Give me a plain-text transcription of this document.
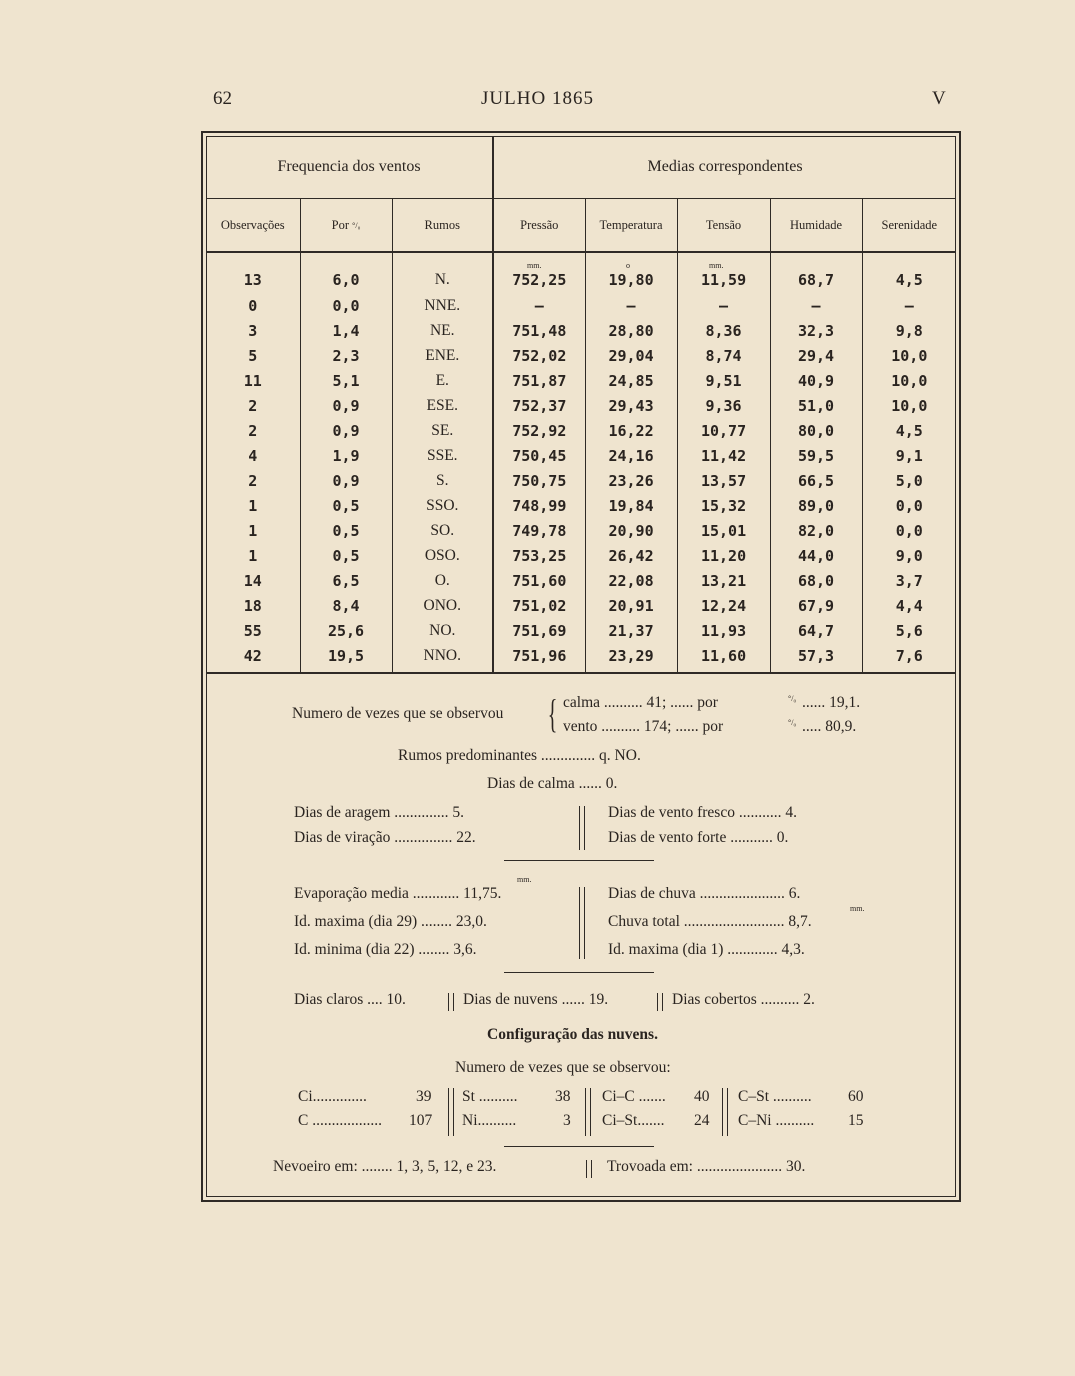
62	JULHO 1865	V
Frequencia dos ventos			Medias correspondentes				
Observações	Por °/₀	Rumos	Pressão	Temperatura	Tensão	Humidade	Serenidade
13	6,0	N.	752,25	19,80	11,59	68,7	4,5
0	0,0	NNE.	—	—	—	—	—
3	1,4	NE.	751,48	28,80	8,36	32,3	9,8
5	2,3	ENE.	752,02	29,04	8,74	29,4	10,0
11	5,1	E.	751,87	24,85	9,51	40,9	10,0
2	0,9	ESE.	752,37	29,43	9,36	51,0	10,0
2	0,9	SE.	752,92	16,22	10,77	80,0	4,5
4	1,9	SSE.	750,45	24,16	11,42	59,5	9,1
2	0,9	S.	750,75	23,26	13,57	66,5	5,0
1	0,5	SSO.	748,99	19,84	15,32	89,0	0,0
1	0,5	SO.	749,78	20,90	15,01	82,0	0,0
1	0,5	OSO.	753,25	26,42	11,20	44,0	9,0
14	6,5	O.	751,60	22,08	13,21	68,0	3,7
18	8,4	ONO.	751,02	20,91	12,24	67,9	4,4
55	25,6	NO.	751,69	21,37	11,93	64,7	5,6
42	19,5	NNO.	751,96	23,29	11,60	57,3	7,6
mm.	o	mm.
Numero de vezes que se observou { calma .......... 41; ...... por	°/₀ ...... 19,1.
vento .......... 174; ...... por	°/₀ ..... 80,9.
Rumos predominantes .............. q. NO.
Dias de calma ...... 0.
Dias de aragem .............. 5.
Dias de viração ............... 22.
Dias de vento fresco ........... 4.
Dias de vento forte ........... 0.
mm.
Evaporação media ............ 11,75.
Id. maxima (dia 29) ........ 23,0.
Id. minima (dia 22) ........ 3,6.
Dias de chuva ...................... 6.
mm.
Chuva total .......................... 8,7.
Id. maxima (dia 1) ............. 4,3.
Dias claros .... 10.	Dias de nuvens ...... 19.	Dias cobertos .......... 2.
Configuração das nuvens.
Numero de vezes que se observou:
Ci..............	39 St .......... 38 Ci–C ....... 40 C–St .......... 60
C .................. 107 Ni..........	3 Ci–St....... 24 C–Ni .......... 15
Nevoeiro em: ........ 1, 3, 5, 12, e 23.	Trovoada em: ...................... 30.
